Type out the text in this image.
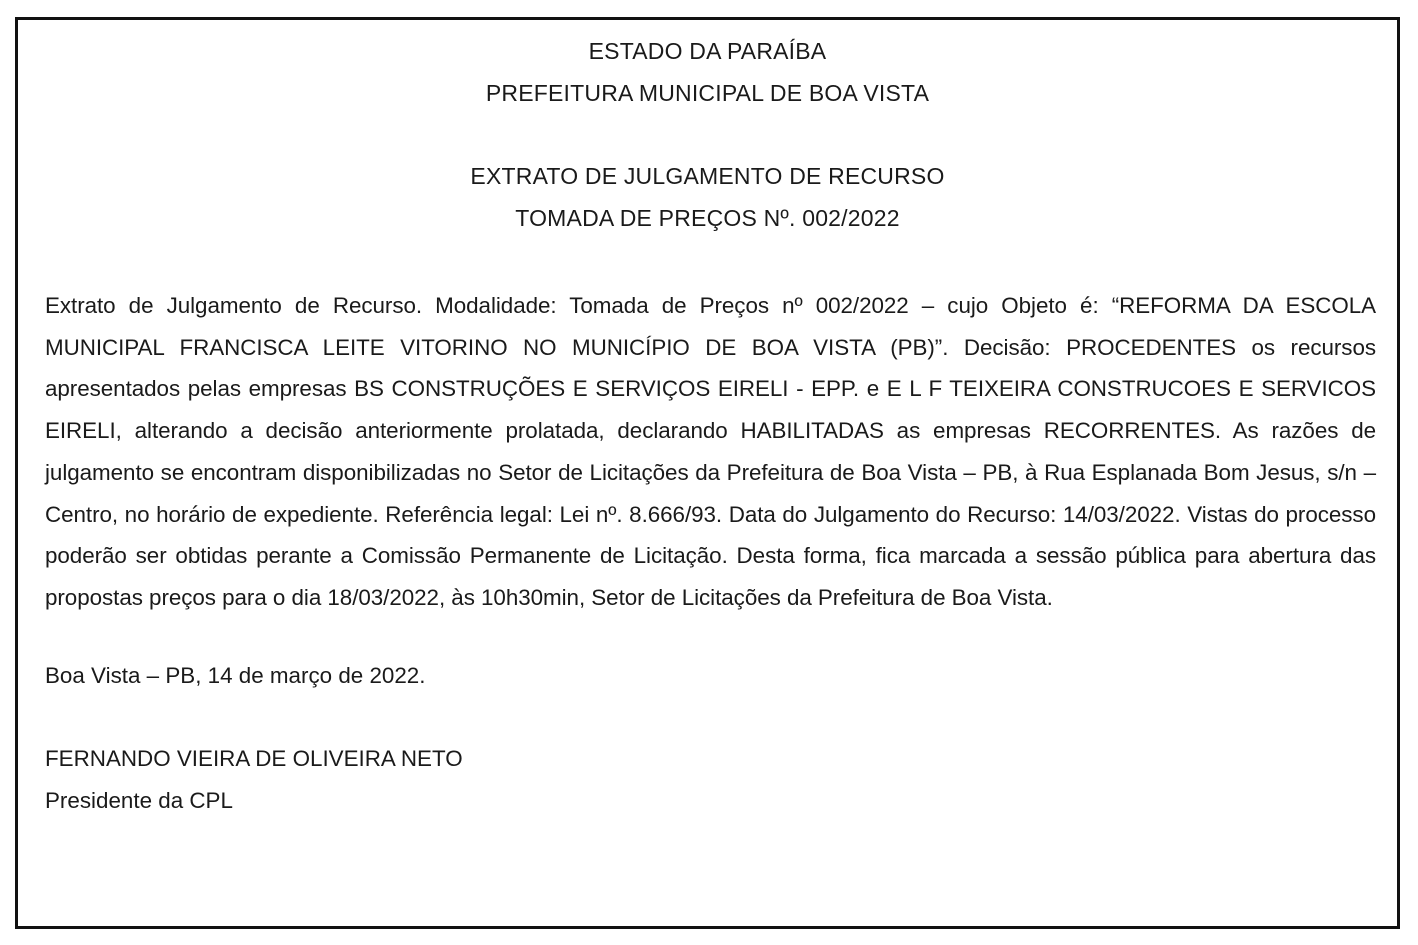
ESTADO DA PARAÍBA
PREFEITURA MUNICIPAL DE BOA VISTA
EXTRATO DE JULGAMENTO DE RECURSO
TOMADA DE PREÇOS Nº. 002/2022
Extrato de Julgamento de Recurso. Modalidade: Tomada de Preços nº 002/2022 – cujo Objeto é: “REFORMA DA ESCOLA MUNICIPAL FRANCISCA LEITE VITORINO NO MUNICÍPIO DE BOA VISTA (PB)”. Decisão: PROCEDENTES os recursos apresentados pelas empresas BS CONSTRUÇÕES E SERVIÇOS EIRELI - EPP. e E L F TEIXEIRA CONSTRUCOES E SERVICOS EIRELI, alterando a decisão anteriormente prolatada, declarando HABILITADAS as empresas RECORRENTES. As razões de julgamento se encontram disponibilizadas no Setor de Licitações da Prefeitura de Boa Vista – PB, à Rua Esplanada Bom Jesus, s/n – Centro, no horário de expediente. Referência legal: Lei nº. 8.666/93. Data do Julgamento do Recurso: 14/03/2022. Vistas do processo poderão ser obtidas perante a Comissão Permanente de Licitação. Desta forma, fica marcada a sessão pública para abertura das propostas preços para o dia 18/03/2022, às 10h30min, Setor de Licitações da Prefeitura de Boa Vista.
Boa Vista – PB, 14 de março de 2022.
FERNANDO VIEIRA DE OLIVEIRA NETO
Presidente da CPL
